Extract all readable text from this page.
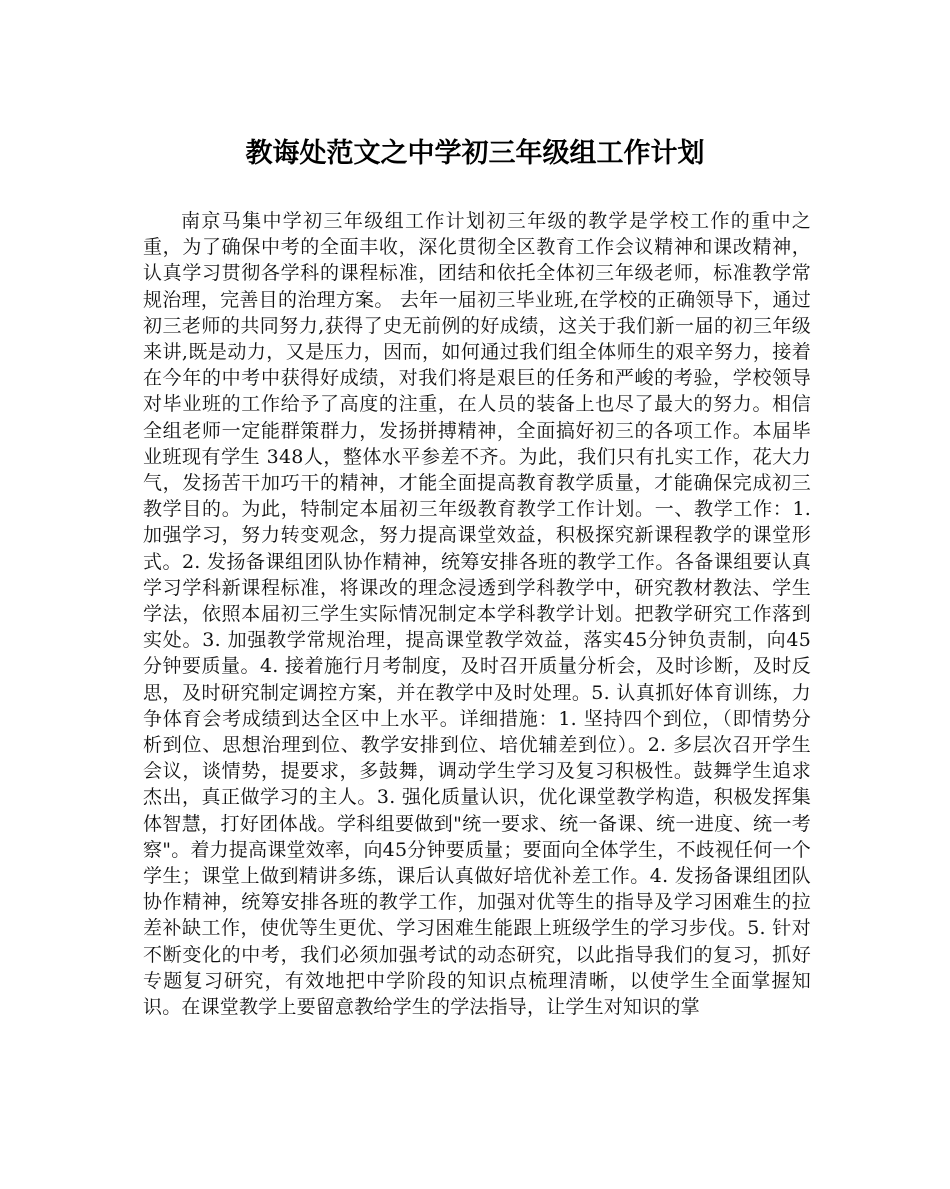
教诲处范文之中学初三年级组工作计划

南京马集中学初三年级组工作计划初三年级的教学是学校工作的重中之重，为了确保中考的全面丰收，深化贯彻全区教育工作会议精神和课改精神，认真学习贯彻各学科的课程标准，团结和依托全体初三年级老师，标准教学常规治理，完善目的治理方案。 去年一届初三毕业班,在学校的正确领导下，通过初三老师的共同努力,获得了史无前例的好成绩，这关于我们新一届的初三年级来讲,既是动力，又是压力，因而，如何通过我们组全体师生的艰辛努力，接着在今年的中考中获得好成绩，对我们将是艰巨的任务和严峻的考验，学校领导对毕业班的工作给予了高度的注重，在人员的装备上也尽了最大的努力。相信全组老师一定能群策群力，发扬拼搏精神，全面搞好初三的各项工作。本届毕业班现有学生 348人，整体水平参差不齐。为此，我们只有扎实工作，花大力气，发扬苦干加巧干的精神，才能全面提高教育教学质量，才能确保完成初三教学目的。为此，特制定本届初三年级教育教学工作计划。一、教学工作：1. 加强学习，努力转变观念，努力提高课堂效益，积极探究新课程教学的课堂形式。2. 发扬备课组团队协作精神，统筹安排各班的教学工作。各备课组要认真学习学科新课程标准，将课改的理念浸透到学科教学中，研究教材教法、学生学法，依照本届初三学生实际情况制定本学科教学计划。把教学研究工作落到实处。3. 加强教学常规治理，提高课堂教学效益，落实45分钟负责制，向45分钟要质量。4. 接着施行月考制度，及时召开质量分析会，及时诊断，及时反思，及时研究制定调控方案，并在教学中及时处理。5. 认真抓好体育训练，力争体育会考成绩到达全区中上水平。详细措施：1. 坚持四个到位，（即情势分析到位、思想治理到位、教学安排到位、培优辅差到位）。2. 多层次召开学生会议，谈情势，提要求，多鼓舞，调动学生学习及复习积极性。鼓舞学生追求杰出，真正做学习的主人。3. 强化质量认识，优化课堂教学构造，积极发挥集体智慧，打好团体战。学科组要做到"统一要求、统一备课、统一进度、统一考察"。着力提高课堂效率，向45分钟要质量；要面向全体学生，不歧视任何一个学生；课堂上做到精讲多练，课后认真做好培优补差工作。4. 发扬备课组团队协作精神，统筹安排各班的教学工作，加强对优等生的指导及学习困难生的拉差补缺工作，使优等生更优、学习困难生能跟上班级学生的学习步伐。5. 针对不断变化的中考，我们必须加强考试的动态研究，以此指导我们的复习，抓好专题复习研究，有效地把中学阶段的知识点梳理清晰，以使学生全面掌握知识。在课堂教学上要留意教给学生的学法指导，让学生对知识的掌
